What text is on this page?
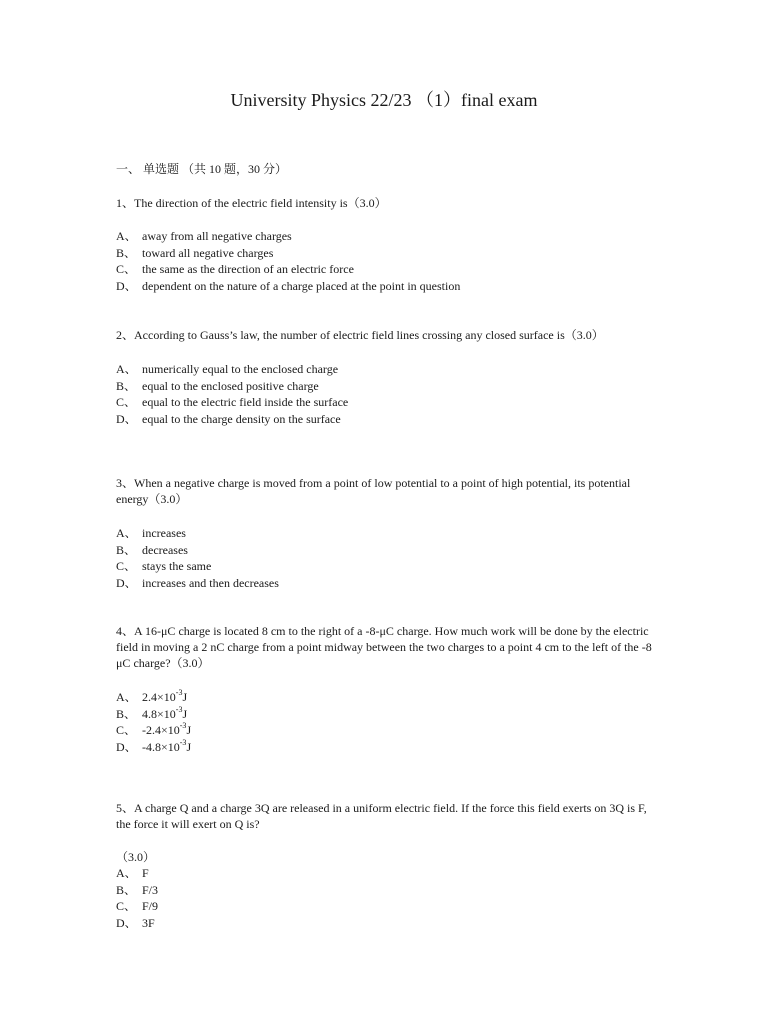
University Physics 22/23 （1）final exam
一、 单选题 （共 10 题，30 分）

1、The direction of the electric field intensity is（3.0）

A、 away from all negative charges
B、 toward all negative charges
C、 the same as the direction of an electric force
D、 dependent on the nature of a charge placed at the point in question

2、According to Gauss’s law, the number of electric field lines crossing any closed surface is（3.0）

A、 numerically equal to the enclosed charge
B、 equal to the enclosed positive charge
C、 equal to the electric field inside the surface
D、 equal to the charge density on the surface

3、When a negative charge is moved from a point of low potential to a point of high potential, its potential energy（3.0）

A、 increases
B、 decreases
C、 stays the same
D、 increases and then decreases

4、A 16-μC charge is located 8 cm to the right of a -8-μC charge. How much work will be done by the electric field in moving a 2 nC charge from a point midway between the two charges to a point 4 cm to the left of the -8 μC charge?（3.0）

A、 $2.4\times 10^{-3}J$
B、 $4.8\times 10^{-3}J$
C、 $-2.4\times 10^{-3}J$
D、 $-4.8\times 10^{-3}J$

5、A charge Q and a charge 3Q are released in a uniform electric field. If the force this field exerts on 3Q is F, the force it will exert on Q is?

（3.0）

A、 F
B、 F/3
C、 F/9
D、 3F
